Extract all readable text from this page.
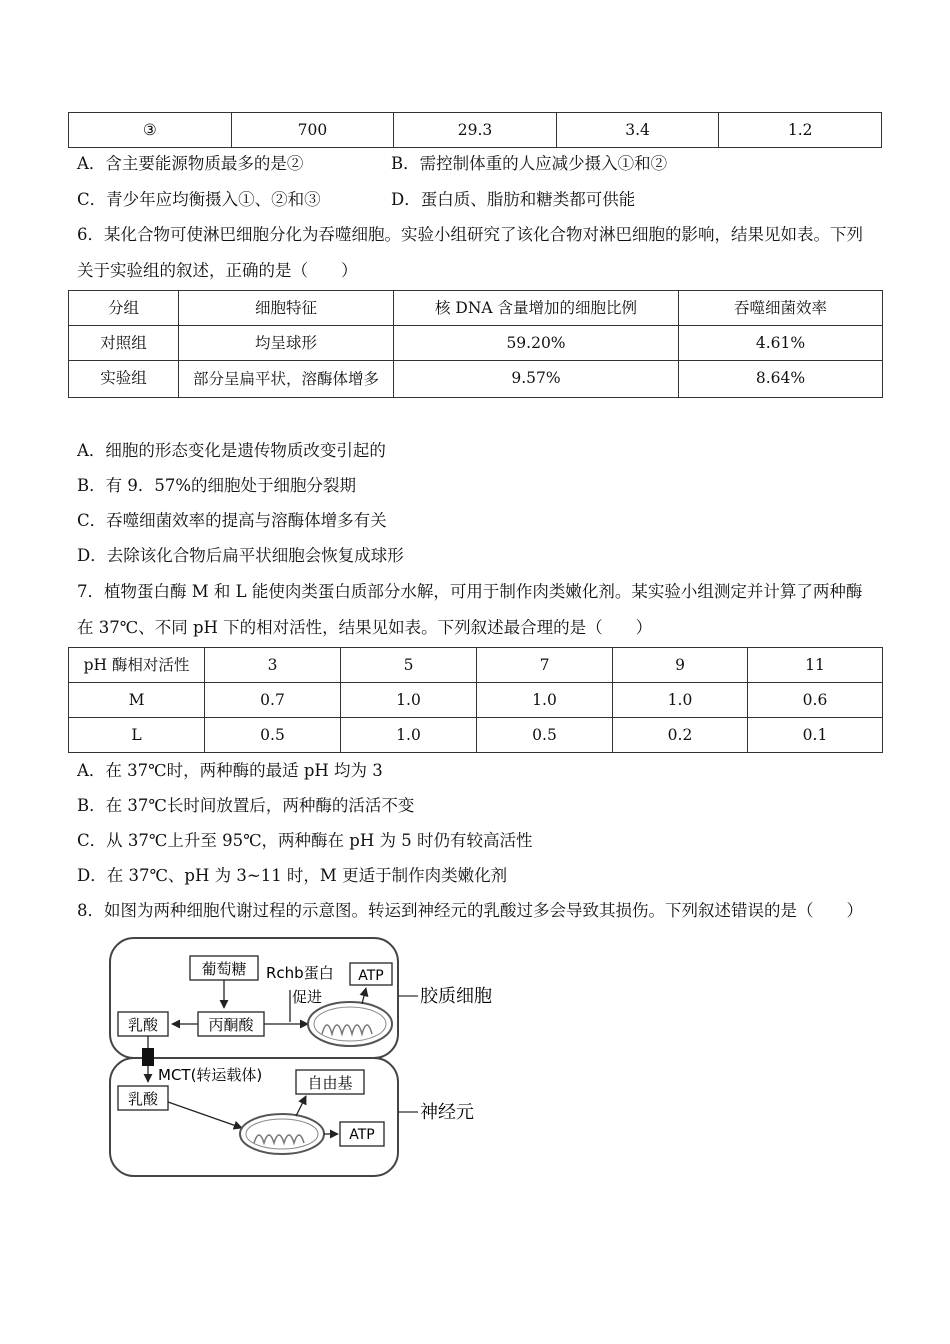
③	700	29.3	3.4	1.2
A．含主要能源物质最多的是②	B．需控制体重的人应减少摄入①和②
C．青少年应均衡摄入①、②和③	D．蛋白质、脂肪和糖类都可供能
6．某化合物可使淋巴细胞分化为吞噬细胞。实验小组研究了该化合物对淋巴细胞的影响，结果见如表。下列
关于实验组的叙述，正确的是（　　）
分组	细胞特征	核 DNA 含量增加的细胞比例	吞噬细菌效率
对照组	均呈球形	59.20%	4.61%
实验组	部分呈扁平状，溶酶体增多	9.57%	8.64%
A．细胞的形态变化是遗传物质改变引起的
B．有 9．57%的细胞处于细胞分裂期
C．吞噬细菌效率的提高与溶酶体增多有关
D．去除该化合物后扁平状细胞会恢复成球形
7．植物蛋白酶 M 和 L 能使肉类蛋白质部分水解，可用于制作肉类嫩化剂。某实验小组测定并计算了两种酶
在 37℃、不同 pH 下的相对活性，结果见如表。下列叙述最合理的是（　　）
pH 酶相对活性	3	5	7	9	11
M	0.7	1.0	1.0	1.0	0.6
L	0.5	1.0	0.5	0.2	0.1
A．在 37℃时，两种酶的最适 pH 均为 3
B．在 37℃长时间放置后，两种酶的活活不变
C．从 37℃上升至 95℃，两种酶在 pH 为 5 时仍有较高活性
D．在 37℃、pH 为 3~11 时，M 更适于制作肉类嫩化剂
8．如图为两种细胞代谢过程的示意图。转运到神经元的乳酸过多会导致其损伤。下列叙述错误的是（　　）
葡萄糖 Rchb蛋白
促进
ATP
丙酮酸
乳酸
胶质细胞
MCT(转运载体)	自由基
乳酸
ATP
神经元
